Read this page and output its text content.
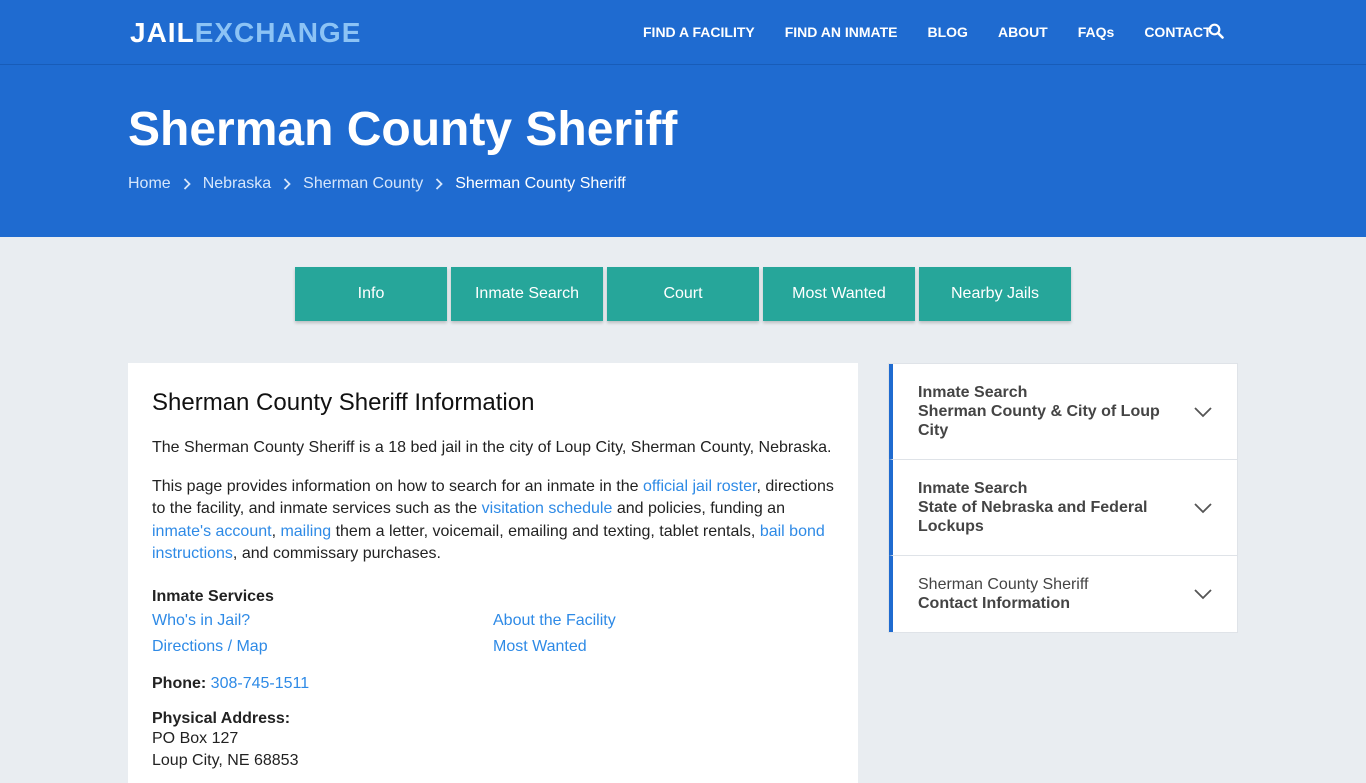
JAILEXCHANGE	FIND A FACILITY FIND AN INMATE BLOG ABOUT FAQs CONTACT
Sherman County Sheriff
Home Nebraska Sherman County Sherman County Sheriff
Info	Inmate Search	Court	Most Wanted	Nearby Jails
Sherman County Sheriff Information

The Sherman County Sheriff is a 18 bed jail in the city of Loup City, Sherman County, Nebraska.

This page provides information on how to search for an inmate in the official jail roster, directions to the facility, and inmate services such as the visitation schedule and policies, funding an inmate's account, mailing them a letter, voicemail, emailing and texting, tablet rentals, bail bond instructions, and commissary purchases.

Inmate Services
Who's in Jail?	About the Facility
Directions / Map	Most Wanted
Phone: 308-745-1511
Physical Address:
PO Box 127
Loup City, NE 68853
Inmate Search
Sherman County & City of Loup City
Inmate Search
State of Nebraska and Federal Lockups
Sherman County Sheriff
Contact Information
